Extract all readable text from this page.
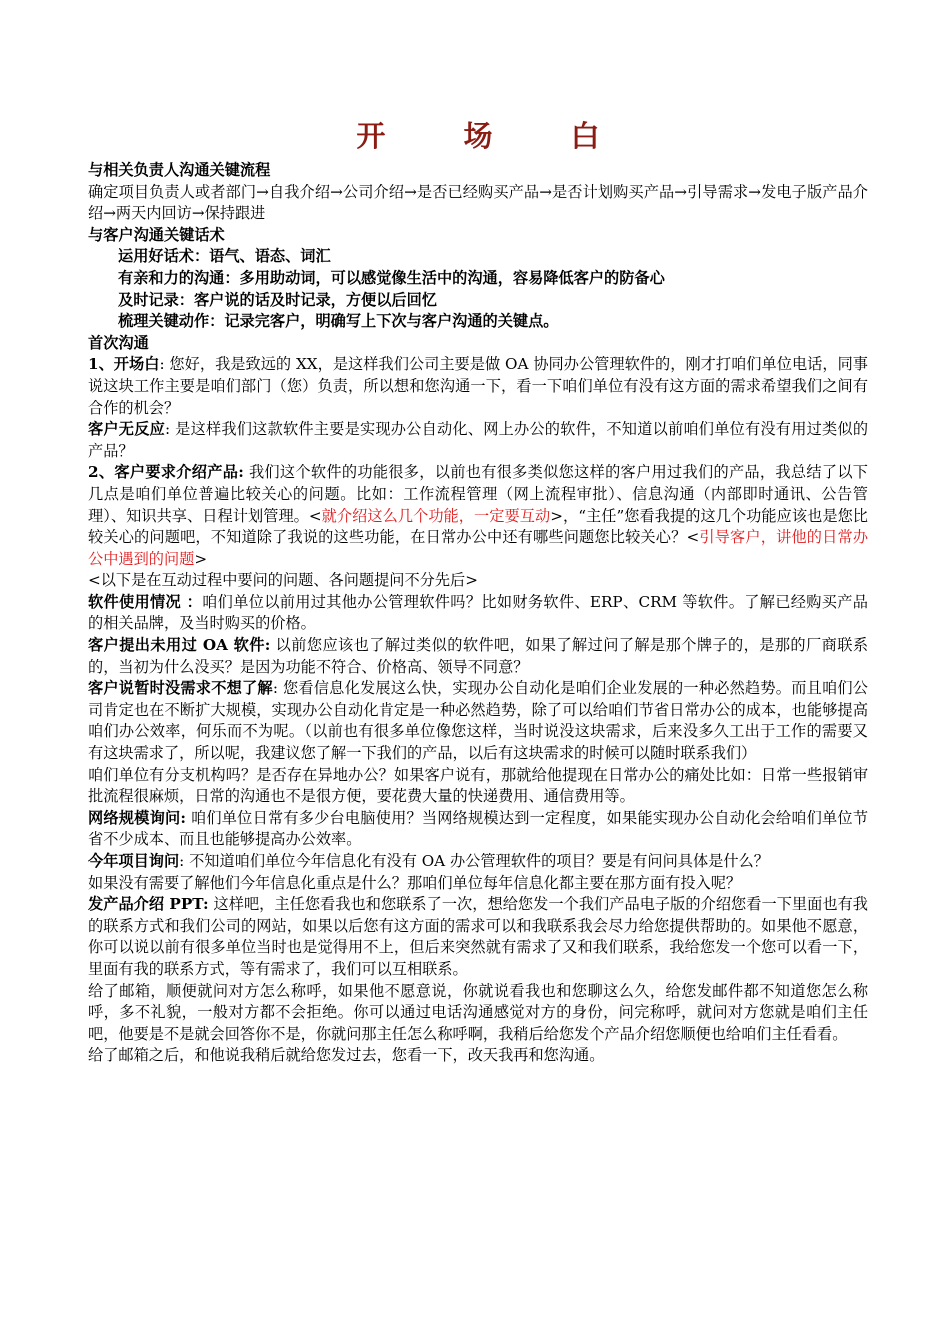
开 场 白

与相关负责人沟通关键流程

确定项目负责人或者部门→自我介绍→公司介绍→是否已经购买产品→是否计划购买产品→引导需求→发电子版产品介绍→两天内回访→保持跟进

与客户沟通关键话术

运用好话术：语气、语态、词汇

有亲和力的沟通：多用助动词，可以感觉像生活中的沟通，容易降低客户的防备心

及时记录：客户说的话及时记录，方便以后回忆

梳理关键动作：记录完客户，明确写上下次与客户沟通的关键点。

首次沟通

1、开场白: 您好，我是致远的 XX，是这样我们公司主要是做 OA 协同办公管理软件的，刚才打咱们单位电话，同事说这块工作主要是咱们部门（您）负责，所以想和您沟通一下，看一下咱们单位有没有这方面的需求希望我们之间有合作的机会？

客户无反应: 是这样我们这款软件主要是实现办公自动化、网上办公的软件，不知道以前咱们单位有没有用过类似的产品？

2、客户要求介绍产品: 我们这个软件的功能很多，以前也有很多类似您这样的客户用过我们的产品，我总结了以下几点是咱们单位普遍比较关心的问题。比如：工作流程管理（网上流程审批）、信息沟通（内部即时通讯、公告管理）、知识共享、日程计划管理。<就介绍这么几个功能，一定要互动>，“主任”您看我提的这几个功能应该也是您比较关心的问题吧，不知道除了我说的这些功能，在日常办公中还有哪些问题您比较关心？<引导客户，讲他的日常办公中遇到的问题>

<以下是在互动过程中要问的问题、各问题提问不分先后>

软件使用情况 ：咱们单位以前用过其他办公管理软件吗？比如财务软件、ERP、CRM 等软件。了解已经购买产品的相关品牌，及当时购买的价格。

客户提出未用过 OA 软件: 以前您应该也了解过类似的软件吧，如果了解过问了解是那个牌子的，是那的厂商联系的，当初为什么没买？是因为功能不符合、价格高、领导不同意？

客户说暂时没需求不想了解: 您看信息化发展这么快，实现办公自动化是咱们企业发展的一种必然趋势。而且咱们公司肯定也在不断扩大规模，实现办公自动化肯定是一种必然趋势，除了可以给咱们节省日常办公的成本，也能够提高咱们办公效率，何乐而不为呢。（以前也有很多单位像您这样，当时说没这块需求，后来没多久工出于工作的需要又有这块需求了，所以呢，我建议您了解一下我们的产品，以后有这块需求的时候可以随时联系我们）

咱们单位有分支机构吗？是否存在异地办公？如果客户说有，那就给他提现在日常办公的痛处比如：日常一些报销审批流程很麻烦，日常的沟通也不是很方便，要花费大量的快递费用、通信费用等。

网络规模询问: 咱们单位日常有多少台电脑使用？当网络规模达到一定程度，如果能实现办公自动化会给咱们单位节省不少成本、而且也能够提高办公效率。

今年项目询问: 不知道咱们单位今年信息化有没有 OA 办公管理软件的项目？要是有问问具体是什么？

如果没有需要了解他们今年信息化重点是什么？那咱们单位每年信息化都主要在那方面有投入呢？

发产品介绍 PPT: 这样吧，主任您看我也和您联系了一次，想给您发一个我们产品电子版的介绍您看一下里面也有我的联系方式和我们公司的网站，如果以后您有这方面的需求可以和我联系我会尽力给您提供帮助的。如果他不愿意，你可以说以前有很多单位当时也是觉得用不上，但后来突然就有需求了又和我们联系，我给您发一个您可以看一下，里面有我的联系方式，等有需求了，我们可以互相联系。

给了邮箱，顺便就问对方怎么称呼，如果他不愿意说，你就说看我也和您聊这么久，给您发邮件都不知道您怎么称呼，多不礼貌，一般对方都不会拒绝。你可以通过电话沟通感觉对方的身份，问完称呼，就问对方您就是咱们主任吧，他要是不是就会回答你不是，你就问那主任怎么称呼啊，我稍后给您发个产品介绍您顺便也给咱们主任看看。

给了邮箱之后，和他说我稍后就给您发过去，您看一下，改天我再和您沟通。
